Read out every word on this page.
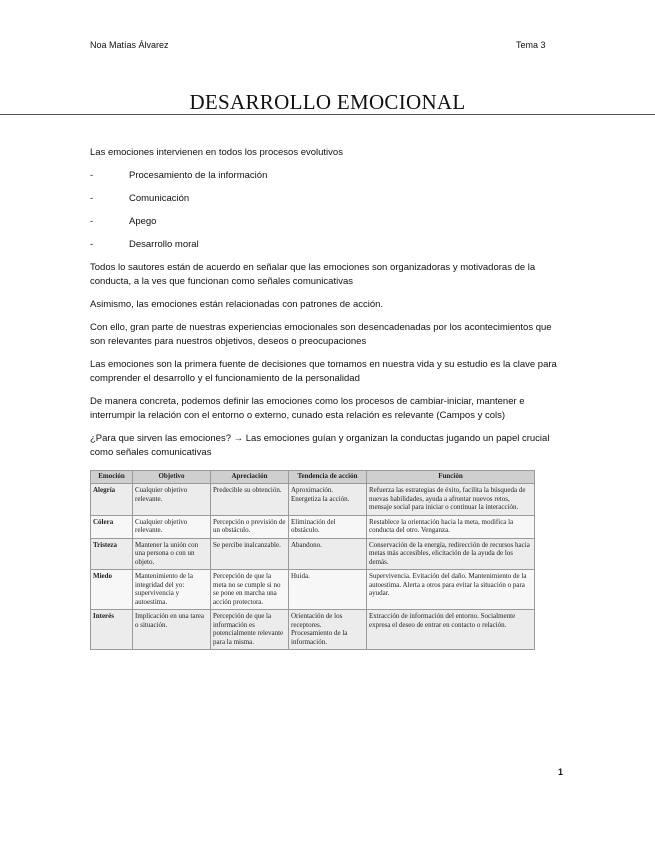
Noa Matías Álvarez	Tema 3
DESARROLLO EMOCIONAL

Las emociones intervienen en todos los procesos evolutivos

-	Procesamiento de la información
-	Comunicación
-	Apego
-	Desarrollo moral

Todos lo sautores están de acuerdo en señalar que las emociones son organizadoras y motivadoras de la conducta, a la ves que funcionan como señales comunicativas

Asimismo, las emociones están relacionadas con patrones de acción.

Con ello, gran parte de nuestras experiencias emocionales son desencadenadas por los acontecimientos que son relevantes para nuestros objetivos, deseos o preocupaciones

Las emociones son la primera fuente de decisiones que tomamos en nuestra vida y su estudio es la clave para comprender el desarrollo y el funcionamiento de la personalidad

De manera concreta, podemos definir las emociones como los procesos de cambiar-iniciar, mantener e interrumpir la relación con el entorno o externo, cunado esta relación es relevante (Campos y cols)

¿Para que sirven las emociones? → Las emociones guían y organizan la conductas jugando un papel crucial como señales comunicativas

Emoción	Objetivo	Apreciación	Tendencia de acción	Función
Alegría	Cualquier objetivo relevante.	Predecible su obtención.	Aproximación. Energetiza la acción.	Refuerza las estrategias de éxito, facilita la búsqueda de nuevas habilidades, ayuda a afrontar nuevos retos, mensaje social para iniciar o continuar la interacción.
Cólera	Cualquier objetivo relevante.	Percepción o previsión de un obstáculo.	Eliminación del obstáculo.	Restablece la orientación hacia la meta, modifica la conducta del otro. Venganza.
Tristeza	Mantener la unión con una persona o con un objeto.	Se percibe inalcanzable.	Abandono.	Conservación de la energía, redirección de recursos hacia metas más accesibles, elicitación de la ayuda de los demás.
Miedo	Mantenimiento de la integridad del yo: supervivencia y autoestima.	Percepción de que la meta no se cumple si no se pone en marcha una acción protectora.	Huida.	Supervivencia. Evitación del daño. Mantenimiento de la autoestima. Alerta a otros para evitar la situación o para ayudar.
Interés	Implicación en una tarea o situación.	Percepción de que la información es potencialmente relevante para la misma.	Orientación de los receptores. Procesamiento de la información.	Extracción de información del entorno. Socialmente expresa el deseo de entrar en contacto o relación.
1
